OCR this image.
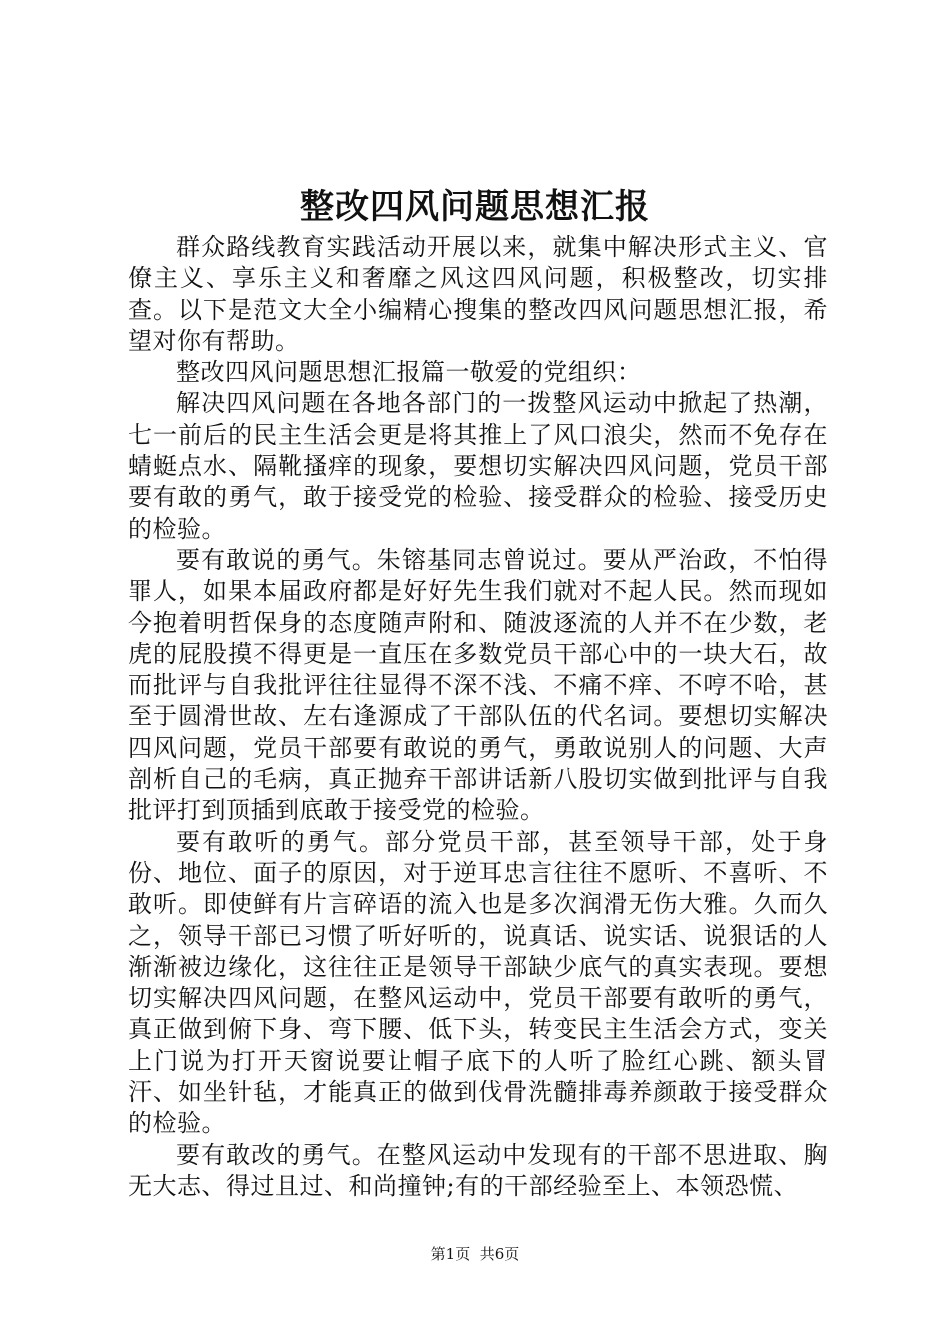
整改四风问题思想汇报

群众路线教育实践活动开展以来，就集中解决形式主义、官僚主义、享乐主义和奢靡之风这四风问题，积极整改，切实排查。以下是范文大全小编精心搜集的整改四风问题思想汇报，希望对你有帮助。

整改四风问题思想汇报篇一敬爱的党组织：

解决四风问题在各地各部门的一拨整风运动中掀起了热潮，七一前后的民主生活会更是将其推上了风口浪尖，然而不免存在蜻蜓点水、隔靴搔痒的现象，要想切实解决四风问题，党员干部要有敢的勇气，敢于接受党的检验、接受群众的检验、接受历史的检验。

要有敢说的勇气。朱镕基同志曾说过。要从严治政，不怕得罪人，如果本届政府都是好好先生我们就对不起人民。然而现如今抱着明哲保身的态度随声附和、随波逐流的人并不在少数，老虎的屁股摸不得更是一直压在多数党员干部心中的一块大石，故而批评与自我批评往往显得不深不浅、不痛不痒、不哼不哈，甚至于圆滑世故、左右逢源成了干部队伍的代名词。要想切实解决四风问题，党员干部要有敢说的勇气，勇敢说别人的问题、大声剖析自己的毛病，真正抛弃干部讲话新八股切实做到批评与自我批评打到顶插到底敢于接受党的检验。

要有敢听的勇气。部分党员干部，甚至领导干部，处于身份、地位、面子的原因，对于逆耳忠言往往不愿听、不喜听、不敢听。即使鲜有片言碎语的流入也是多次润滑无伤大雅。久而久之，领导干部已习惯了听好听的，说真话、说实话、说狠话的人渐渐被边缘化，这往往正是领导干部缺少底气的真实表现。要想切实解决四风问题，在整风运动中，党员干部要有敢听的勇气，真正做到俯下身、弯下腰、低下头，转变民主生活会方式，变关上门说为打开天窗说要让帽子底下的人听了脸红心跳、额头冒汗、如坐针毡，才能真正的做到伐骨洗髓排毒养颜敢于接受群众的检验。

要有敢改的勇气。在整风运动中发现有的干部不思进取、胸无大志、得过且过、和尚撞钟;有的干部经验至上、本领恐慌、

第1页 共6页
